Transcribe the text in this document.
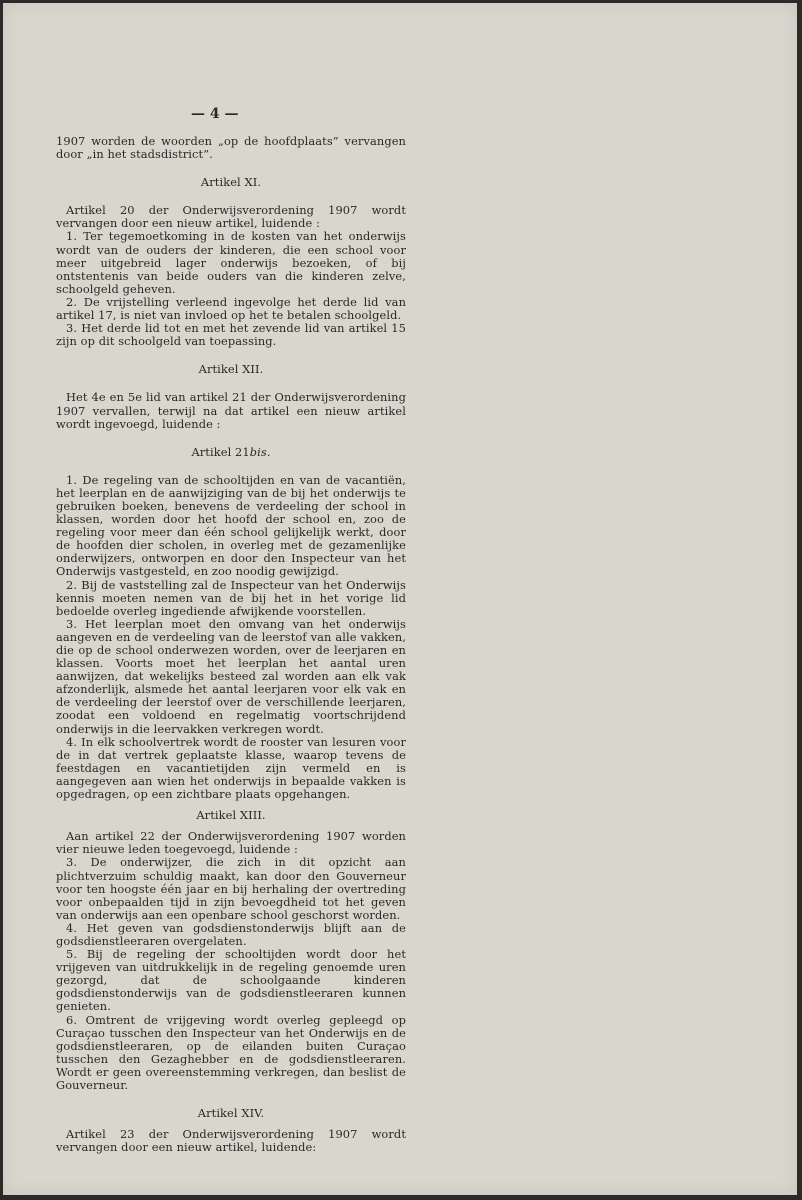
— 4 —

1907 worden de woorden „op de hoofdplaats” vervangen door „in het stadsdistrict”.

Artikel XI.

Artikel 20 der Onderwijsverordening 1907 wordt vervangen door een nieuw artikel, luidende :

1. Ter tegemoetkoming in de kosten van het onderwijs wordt van de ouders der kinderen, die een school voor meer uitgebreid lager onderwijs bezoeken, of bij ontstentenis van beide ouders van die kinderen zelve, schoolgeld geheven.

2. De vrijstelling verleend ingevolge het derde lid van artikel 17, is niet van invloed op het te betalen schoolgeld.

3. Het derde lid tot en met het zevende lid van artikel 15 zijn op dit schoolgeld van toepassing.

Artikel XII.

Het 4e en 5e lid van artikel 21 der Onderwijsverordening 1907 vervallen, terwijl na dat artikel een nieuw artikel wordt ingevoegd, luidende :

Artikel 21bis.

1. De regeling van de schooltijden en van de vacantiën, het leerplan en de aanwijziging van de bij het onderwijs te gebruiken boeken, benevens de verdeeling der school in klassen, worden door het hoofd der school en, zoo de regeling voor meer dan één school gelijkelijk werkt, door de hoofden dier scholen, in overleg met de gezamenlijke onderwijzers, ontworpen en door den Inspecteur van het Onderwijs vastgesteld, en zoo noodig gewijzigd.

2. Bij de vaststelling zal de Inspecteur van het Onderwijs kennis moeten nemen van de bij het in het vorige lid bedoelde overleg ingediende afwijkende voorstellen.

3. Het leerplan moet den omvang van het onderwijs aangeven en de verdeeling van de leerstof van alle vakken, die op de school onderwezen worden, over de leerjaren en klassen. Voorts moet het leerplan het aantal uren aanwijzen, dat wekelijks besteed zal worden aan elk vak afzonderlijk, alsmede het aantal leerjaren voor elk vak en de verdeeling der leerstof over de verschillende leerjaren, zoodat een voldoend en regelmatig voortschrijdend onderwijs in die leervakken verkregen wordt.

4. In elk schoolvertrek wordt de rooster van lesuren voor de in dat vertrek geplaatste klasse, waarop tevens de feestdagen en vacantietijden zijn vermeld en is aangegeven aan wien het onderwijs in bepaalde vakken is opgedragen, op een zichtbare plaats opgehangen.

Artikel XIII.

Aan artikel 22 der Onderwijsverordening 1907 worden vier nieuwe leden toegevoegd, luidende :

3. De onderwijzer, die zich in dit opzicht aan plichtverzuim schuldig maakt, kan door den Gouverneur voor ten hoogste één jaar en bij herhaling der overtreding voor onbepaalden tijd in zijn bevoegdheid tot het geven van onderwijs aan een openbare school geschorst worden.

4. Het geven van godsdienstonderwijs blijft aan de godsdienstleeraren overgelaten.

5. Bij de regeling der schooltijden wordt door het vrijgeven van uitdrukkelijk in de regeling genoemde uren gezorgd, dat de schoolgaande kinderen godsdienstonderwijs van de godsdienstleeraren kunnen genieten.

6. Omtrent de vrijgeving wordt overleg gepleegd op Curaçao tusschen den Inspecteur van het Onderwijs en de godsdienstleeraren, op de eilanden buiten Curaçao tusschen den Gezaghebber en de godsdienstleeraren. Wordt er geen overeenstemming verkregen, dan beslist de Gouverneur.

Artikel XIV.

Artikel 23 der Onderwijsverordening 1907 wordt vervangen door een nieuw artikel, luidende:
